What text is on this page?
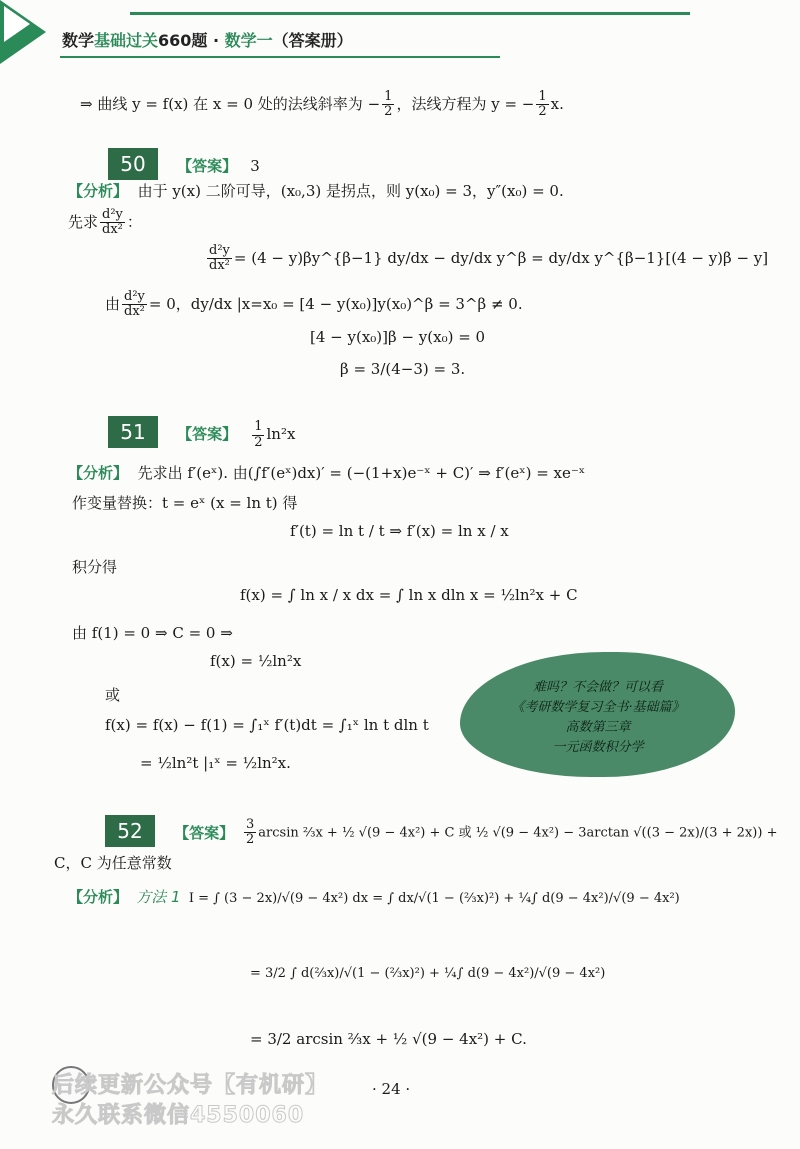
数学基础过关660题 · 数学一（答案册）
⇒ 曲线 y = f(x) 在 x = 0 处的法线斜率为 − $\frac{1}{2}$ ，法线方程为 y = − $\frac{1}{2} x$.
50 【答案】 3
【分析】 由于 y(x) 二阶可导，(x₀,3) 是拐点，则 y(x₀) = 3，y″(x₀) = 0.
先求 $\frac{\text{d²y}}{\text{dx²}}$ ：
$\frac{\text{d²y}}{\text{dx²}} = (4$ − y)βy^{β−1} dy/dx − dy/dx y^β = dy/dx y^{β−1}[(4 − y)β − y]
由 $\frac{\text{d²y}}{\text{dx²}} = 0$，dy/dx |x=x₀ = [4 − y(x₀)]y(x₀)^β = 3^β ≠ 0.
[4 − y(x₀)]β − y(x₀) = 0
β = 3/(4−3) = 3.
51 【答案】 $\frac{1}{2} \ln^2x$
【分析】 先求出 f′(eˣ). 由(∫f′(eˣ)dx)′ = (−(1+x)e⁻ˣ + C)′ ⇒ f′(eˣ) = xe⁻ˣ
作变量替换：t = eˣ (x = ln t) 得
f′(t) = ln t / t ⇒ f′(x) = ln x / x
积分得
f(x) = ∫ ln x / x dx = ∫ ln x dln x = ½ln²x + C
由 f(1) = 0 ⇒ C = 0 ⇒
f(x) = ½ln²x
或
f(x) = f(x) − f(1) = ∫₁ˣ f′(t)dt = ∫₁ˣ ln t dln t
= ½ln²t |₁ˣ = ½ln²x.
难吗？不会做？可以看
《考研数学复习全书·基础篇》
高数第三章
一元函数积分学
52 【答案】 $\frac{3}{2}$ arcsin ⅔x + ½ √(9 − 4x²) + C 或 ½ √(9 − 4x²) − 3arctan √((3 − 2x)/(3 + 2x)) +
C，C 为任意常数
【分析】 方法 1 I = ∫ (3 − 2x)/√(9 − 4x²) dx = ∫ dx/√(1 − (⅔x)²) + ¼∫ d(9 − 4x²)/√(9 − 4x²)
= 3/2 ∫ d(⅔x)/√(1 − (⅔x)²) + ¼∫ d(9 − 4x²)/√(9 − 4x²)
= 3/2 arcsin ⅔x + ½ √(9 − 4x²) + C.
· 24 ·
后续更新公众号【有机研】
永久联系微信4550060
